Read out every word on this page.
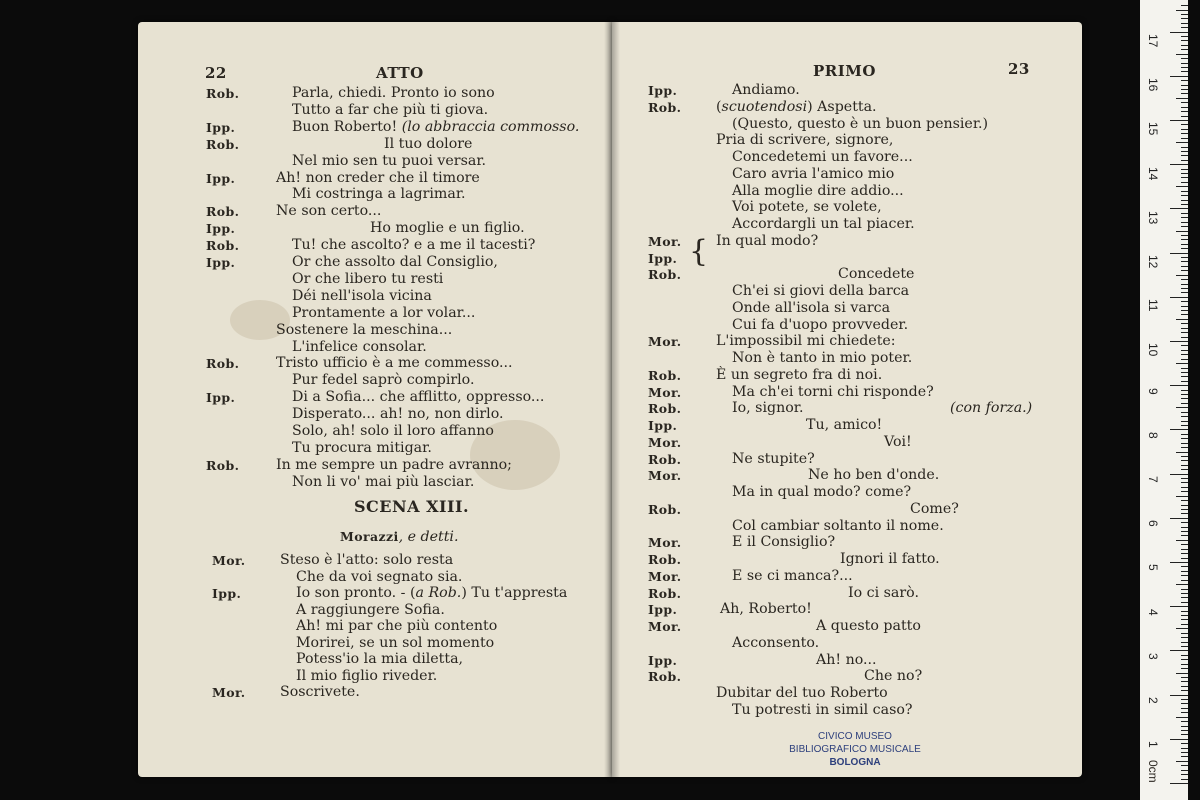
22	ATTO
Rob.	Parla, chiedi. Pronto io sono
Tutto a far che più ti giova.
Ipp.	Buon Roberto! (lo abbraccia commosso.
Rob.	Il tuo dolore
Nel mio sen tu puoi versar.
Ipp.	Ah! non creder che il timore
Mi costringa a lagrimar.
Rob.	Ne son certo...
Ipp.	Ho moglie e un figlio.
Rob.	Tu! che ascolto? e a me il tacesti?
Ipp.	Or che assolto dal Consiglio,
Or che libero tu resti
Déi nell'isola vicina
Prontamente a lor volar...
Sostenere la meschina...
L'infelice consolar.
Rob.	Tristo ufficio è a me commesso...
Pur fedel saprò compirlo.
Ipp.	Di a Sofia... che afflitto, oppresso...
Disperato... ah! no, non dirlo.
Solo, ah! solo il loro affanno
Tu procura mitigar.
Rob.	In me sempre un padre avranno;
Non li vo' mai più lasciar.
SCENA XIII.
Morazzi, e detti.
Mor. Steso è l'atto: solo resta
Che da voi segnato sia.
Ipp.	Io son pronto. - (a Rob.) Tu t'appresta
A raggiungere Sofia.
Ah! mi par che più contento
Morirei, se un sol momento
Potess'io la mia diletta,
Il mio figlio riveder.
Mor. Soscrivete.
PRIMO	23
Ipp.	Andiamo.
Rob. (scuotendosi) Aspetta.
(Questo, questo è un buon pensier.)
Pria di scrivere, signore,
Concedetemi un favore...
Caro avria l'amico mio
Alla moglie dire addio...
Voi potete, se volete,
Accordargli un tal piacer.
Mor. In qual modo?
Ipp.
Rob.	Concedete
Ch'ei si giovi della barca
Onde all'isola si varca
Cui fa d'uopo provveder.
Mor. L'impossibil mi chiedete:
Non è tanto in mio poter.
Rob. È un segreto fra di noi.
Mor.	Ma ch'ei torni chi risponde?
Rob.	Io, signor.	(con forza.)
Ipp.	Tu, amico!
Mor.	Voi!
Rob.	Ne stupite?
Mor.	Ne ho ben d'onde.
Ma in qual modo? come?
Rob.	Come?
Col cambiar soltanto il nome.
Mor.	E il Consiglio?
Rob.	Ignori il fatto.
Mor.	E se ci manca?...
Rob.	Io ci sarò.
Ipp.	Ah, Roberto!
Mor.	A questo patto
Acconsento.
Ipp.	Ah! no...
Rob.	Che no?
Dubitar del tuo Roberto
Tu potresti in simil caso?
{
CIVICO MUSEO
BIBLIOGRAFICO MUSICALE
BOLOGNA	0cm
17
16
15
14
13
12
11
10
9
8
7
6
5
4
3
2
1
